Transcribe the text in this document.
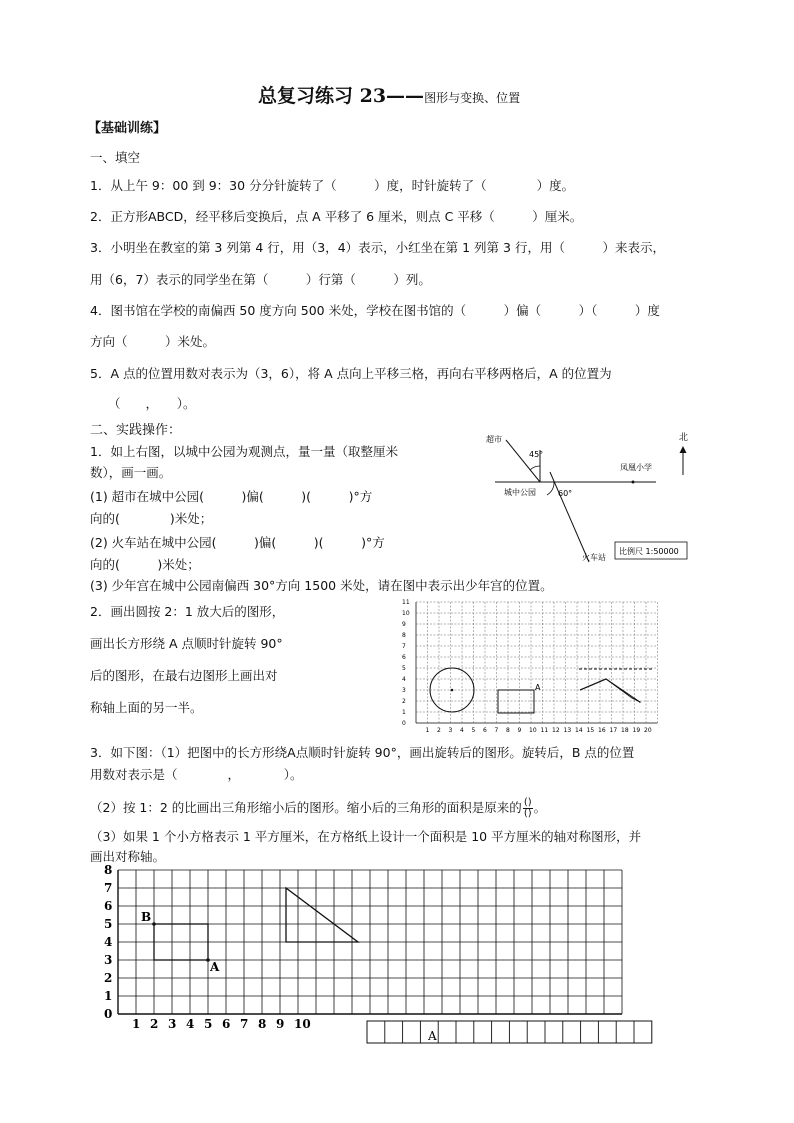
总复习练习 23——图形与变换、位置
【基础训练】
一、填空
1．从上午 9：00 到 9：30 分分针旋转了（　　　）度，时针旋转了（　　　　）度。
2．正方形ABCD，经平移后变换后，点 A 平移了 6 厘米，则点 C 平移（　　　）厘米。
3．小明坐在教室的第 3 列第 4 行，用（3，4）表示，小红坐在第 1 列第 3 行，用（　　　）来表示，
用（6，7）表示的同学坐在第（　　　）行第（　　　）列。
4．图书馆在学校的南偏西 50 度方向 500 米处，学校在图书馆的（　　　）偏（　　　）（　　　）度
方向（　　　）米处。
5．A 点的位置用数对表示为（3，6），将 A 点向上平移三格，再向右平移两格后，A 的位置为
（　　，　　）。
二、实践操作：
1．如上右图，以城中公园为观测点，量一量（取整厘米
数），画一画。
(1) 超市在城中公园(　　　)偏(　　　)(　　　)°方
向的(　　　　)米处；
(2) 火车站在城中公园(　　　)偏(　　　)(　　　)°方
向的(　　　)米处；
(3) 少年宫在城中公园南偏西 30°方向 1500 米处，请在图中表示出少年宫的位置。
2．画出圆按 2：1 放大后的图形，
画出长方形绕 A 点顺时针旋转 90°
后的图形，在最右边图形上画出对
称轴上面的另一半。
3．如下图：（1）把图中的长方形绕A点顺时针旋转 90°，画出旋转后的图形。旋转后，B 点的位置
用数对表示是（　　　　，　　　　）。
（2）按 1：2 的比画出三角形缩小后的图形。缩小后的三角形的面积是原来的 ()
() 。
（3）如果 1 个小方格表示 1 平方厘米，在方格纸上设计一个面积是 10 平方厘米的轴对称图形，并
画出对称轴。
超市
45°
城中公园	60°
凤凰小学
火车站
比例尺 1:50000
北
1 2 3 4 5 6 7 8 9 10 11 12 13 14 15 16 17 18 19 20
0
1
2
3
4
5
6
7
8
9
10
11
A
1 2 3 4 5 6 7 8 9 10
0
1
2
3
4
5
6
7
8
B
A
A
